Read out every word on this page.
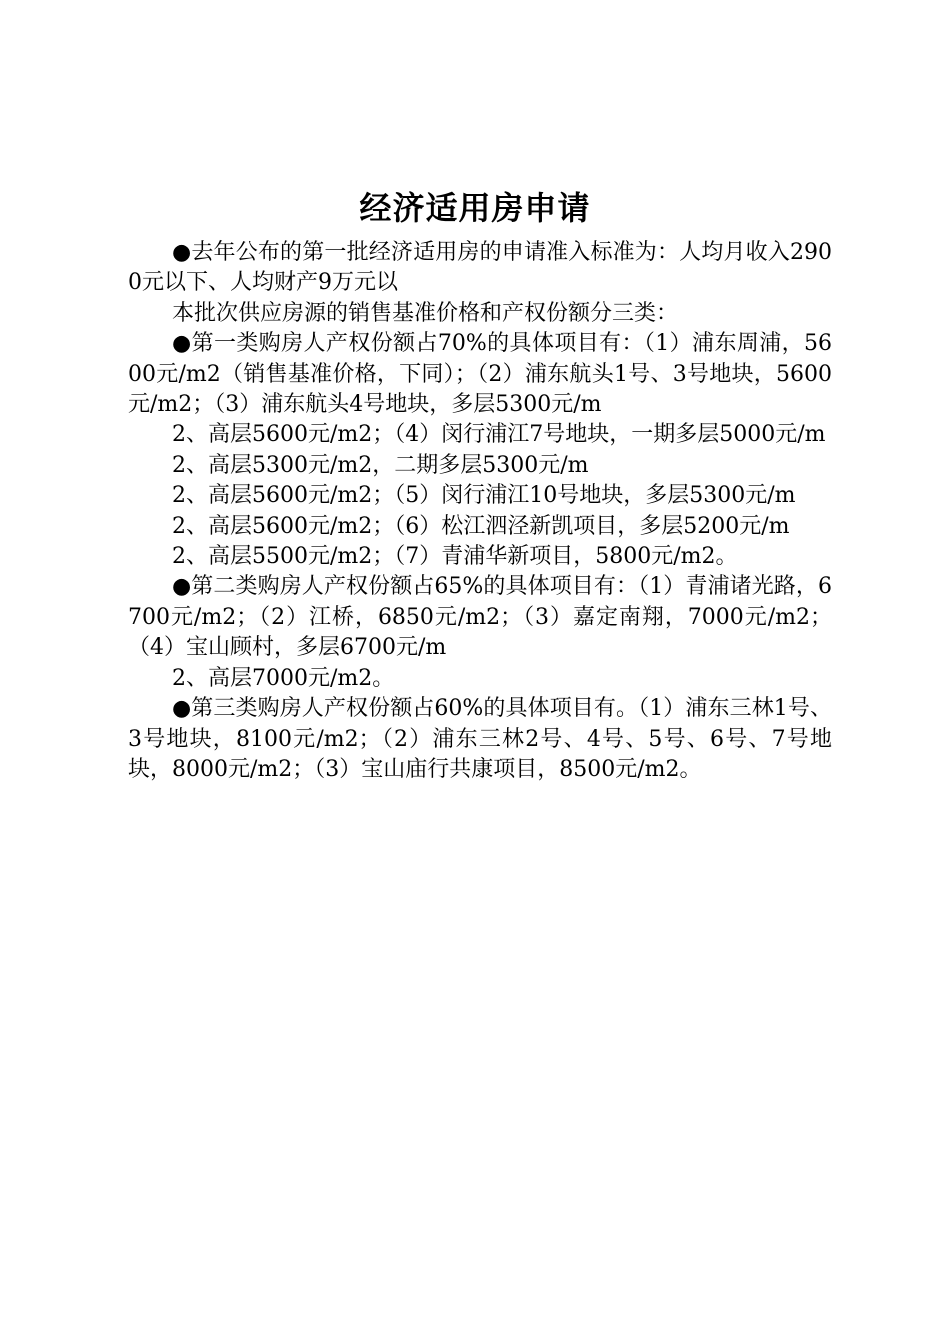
经济适用房申请

●去年公布的第一批经济适用房的申请准入标准为：人均月收入2900元以下、人均财产9万元以

本批次供应房源的销售基准价格和产权份额分三类：

●第一类购房人产权份额占70%的具体项目有：（1）浦东周浦，5600元/m2（销售基准价格，下同）；（2）浦东航头1号、3号地块，5600元/m2；（3）浦东航头4号地块，多层5300元/m

2、高层5600元/m2；（4）闵行浦江7号地块，一期多层5000元/m

2、高层5300元/m2，二期多层5300元/m

2、高层5600元/m2；（5）闵行浦江10号地块，多层5300元/m

2、高层5600元/m2；（6）松江泗泾新凯项目，多层5200元/m

2、高层5500元/m2；（7）青浦华新项目，5800元/m2。

●第二类购房人产权份额占65%的具体项目有：（1）青浦诸光路，6700元/m2；（2）江桥，6850元/m2；（3）嘉定南翔，7000元/m2；（4）宝山顾村，多层6700元/m

2、高层7000元/m2。

●第三类购房人产权份额占60%的具体项目有。（1）浦东三林1号、3号地块，8100元/m2；（2）浦东三林2号、4号、5号、6号、7号地块，8000元/m2；（3）宝山庙行共康项目，8500元/m2。
